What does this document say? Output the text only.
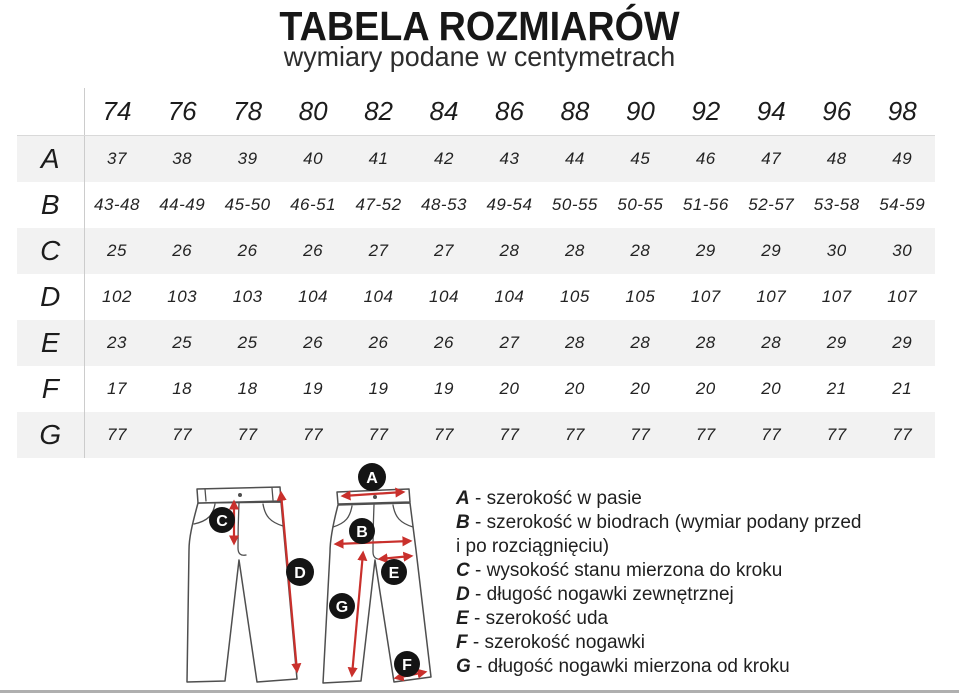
TABELA ROZMIARÓW
wymiary podane w centymetrach
	74	76	78	80	82	84	86	88	90	92	94	96	98
A	37	38	39	40	41	42	43	44	45	46	47	48	49
B	43-48	44-49	45-50	46-51	47-52	48-53	49-54	50-55	50-55	51-56	52-57	53-58	54-59
C	25	26	26	26	27	27	28	28	28	29	29	30	30
D	102	103	103	104	104	104	104	105	105	107	107	107	107
E	23	25	25	26	26	26	27	28	28	28	28	29	29
F	17	18	18	19	19	19	20	20	20	20	20	21	21
G	77	77	77	77	77	77	77	77	77	77	77	77	77
A
B
C
D	E
F
G
A - szerokość w pasie
B - szerokość w biodrach (wymiar podany przed
i po rozciągnięciu)
C - wysokość stanu mierzona do kroku
D - długość nogawki zewnętrznej
E - szerokość uda
F - szerokość nogawki
G - długość nogawki mierzona od kroku
